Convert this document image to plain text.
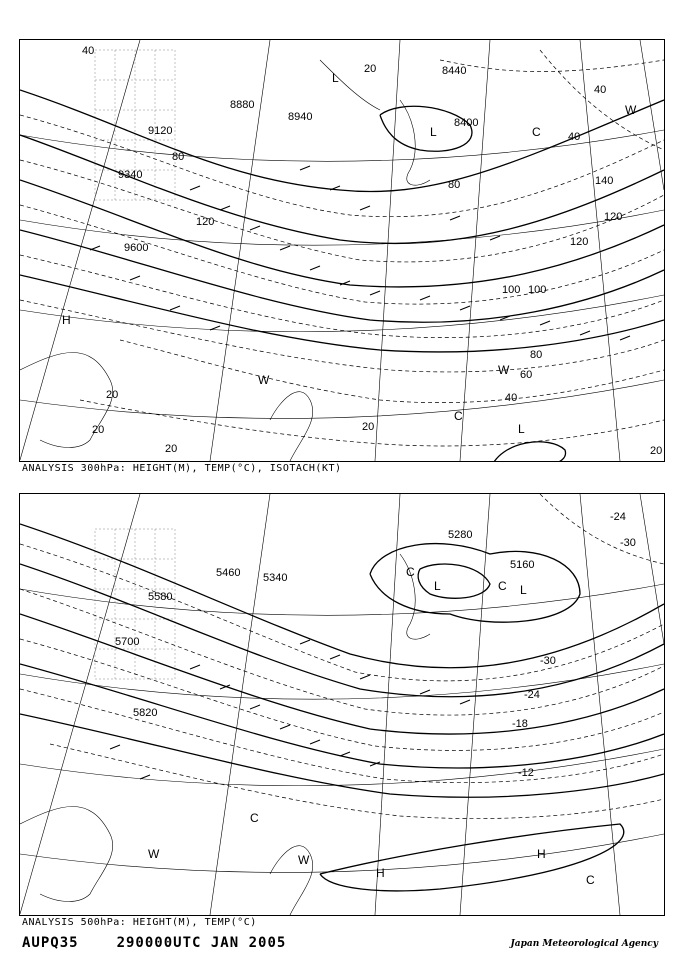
8880
8940
9120
9340
9600
8400
8440
40
20
40
80
100
120
140
120
120
100
80
60
40
20
20
20
20
40
80
20
L
L
L
H
W
W
W
C
C
ANALYSIS 300hPa: HEIGHT(M), TEMP(°C), ISOTACH(KT)
5460 5340
5580
5700
5820
5280
5160
-30
-24
-18
-12
-24
-30
C
C
L	L
C
H
W
W	H
C
ANALYSIS 500hPa: HEIGHT(M), TEMP(°C)
AUPQ35	290000UTC JAN 2005	Japan Meteorological Agency
